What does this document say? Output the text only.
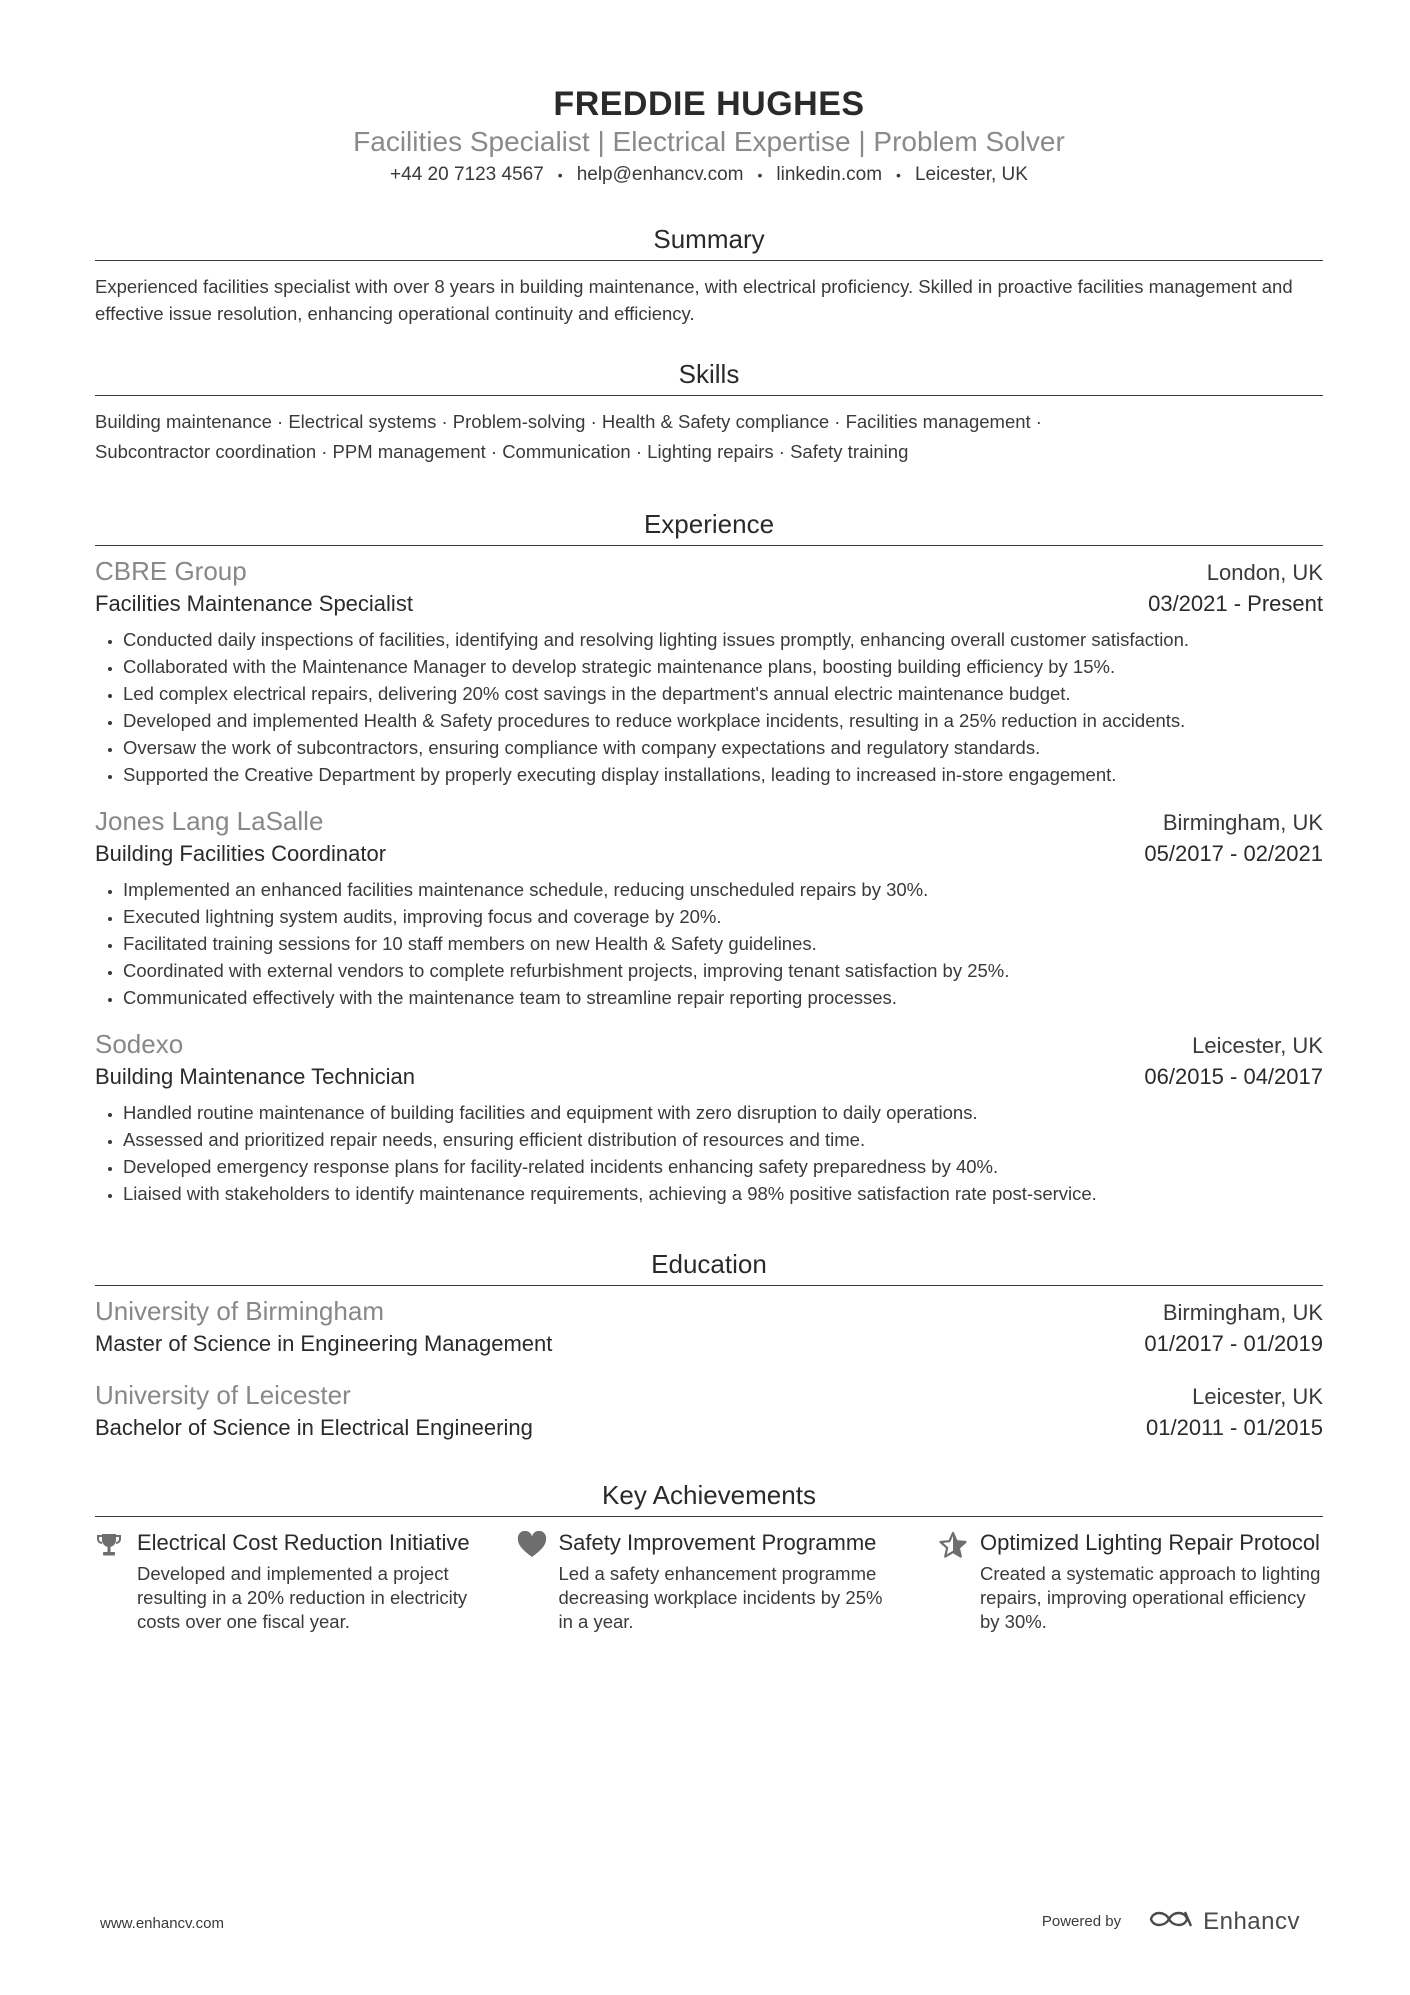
FREDDIE HUGHES
Facilities Specialist | Electrical Expertise | Problem Solver
+44 20 7123 4567 • help@enhancv.com • linkedin.com • Leicester, UK
Summary
Experienced facilities specialist with over 8 years in building maintenance, with electrical proficiency. Skilled in proactive facilities management and effective issue resolution, enhancing operational continuity and efficiency.
Skills
Building maintenance · Electrical systems · Problem-solving · Health & Safety compliance · Facilities management ·
Subcontractor coordination · PPM management · Communication · Lighting repairs · Safety training
Experience
CBRE Group	London, UK
Facilities Maintenance Specialist	03/2021 - Present
• Conducted daily inspections of facilities, identifying and resolving lighting issues promptly, enhancing overall customer satisfaction.
• Collaborated with the Maintenance Manager to develop strategic maintenance plans, boosting building efficiency by 15%.
• Led complex electrical repairs, delivering 20% cost savings in the department's annual electric maintenance budget.
• Developed and implemented Health & Safety procedures to reduce workplace incidents, resulting in a 25% reduction in accidents.
• Oversaw the work of subcontractors, ensuring compliance with company expectations and regulatory standards.
• Supported the Creative Department by properly executing display installations, leading to increased in-store engagement.
Jones Lang LaSalle	Birmingham, UK
Building Facilities Coordinator	05/2017 - 02/2021
• Implemented an enhanced facilities maintenance schedule, reducing unscheduled repairs by 30%.
• Executed lightning system audits, improving focus and coverage by 20%.
• Facilitated training sessions for 10 staff members on new Health & Safety guidelines.
• Coordinated with external vendors to complete refurbishment projects, improving tenant satisfaction by 25%.
• Communicated effectively with the maintenance team to streamline repair reporting processes.
Sodexo	Leicester, UK
Building Maintenance Technician	06/2015 - 04/2017
• Handled routine maintenance of building facilities and equipment with zero disruption to daily operations.
• Assessed and prioritized repair needs, ensuring efficient distribution of resources and time.
• Developed emergency response plans for facility-related incidents enhancing safety preparedness by 40%.
• Liaised with stakeholders to identify maintenance requirements, achieving a 98% positive satisfaction rate post-service.
Education
University of Birmingham	Birmingham, UK
Master of Science in Engineering Management	01/2017 - 01/2019
University of Leicester	Leicester, UK
Bachelor of Science in Electrical Engineering	01/2011 - 01/2015
Key Achievements
Electrical Cost Reduction Initiative
Developed and implemented a project resulting in a 20% reduction in electricity costs over one fiscal year.
Safety Improvement Programme
Led a safety enhancement programme decreasing workplace incidents by 25% in a year.
Optimized Lighting Repair Protocol
Created a systematic approach to lighting repairs, improving operational efficiency by 30%.
www.enhancv.com	Powered by	Enhancv
